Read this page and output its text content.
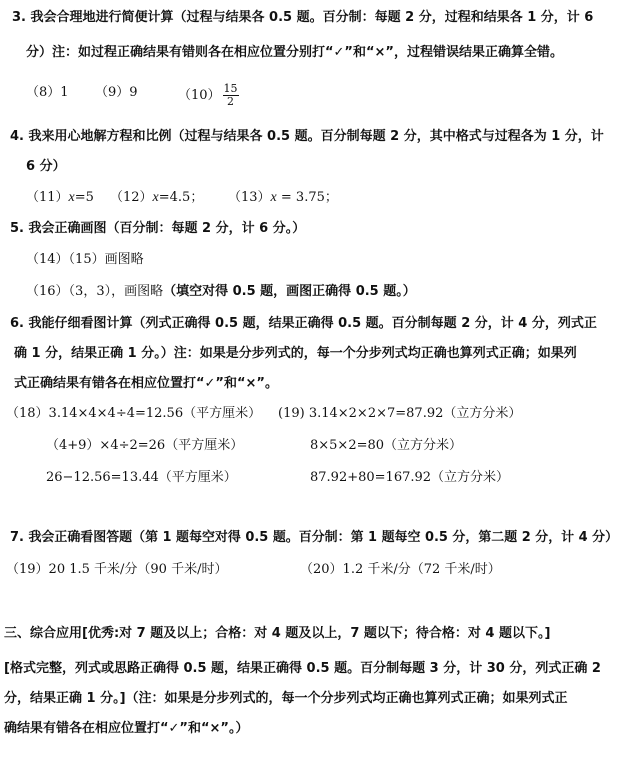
3. 我会合理地进行简便计算（过程与结果各 0.5 题。百分制：每题 2 分，过程和结果各 1 分，计 6
分）注：如过程正确结果有错则各在相应位置分别打“✓”和“×”，过程错误结果正确算全错。
（8）1 （9）9	$(10) \frac{15}{2}$
4. 我来用心地解方程和比例（过程与结果各 0.5 题。百分制每题 2 分，其中格式与过程各为 1 分，计
6 分）
（11）x=5 （12）x=4.5； （13）x = 3.75；
5. 我会正确画图（百分制：每题 2 分，计 6 分。）
（14）（15）画图略
（16）（3，3），画图略（填空对得 0.5 题，画图正确得 0.5 题。）
6. 我能仔细看图计算（列式正确得 0.5 题，结果正确得 0.5 题。百分制每题 2 分，计 4 分，列式正
确 1 分，结果正确 1 分。）注：如果是分步列式的，每一个分步列式均正确也算列式正确；如果列
式正确结果有错各在相应位置打“✓”和“×”。
（18）3.14×4×4÷4=12.56（平方厘米） (19) 3.14×2×2×7=87.92（立方分米）
（4+9）×4÷2=26（平方厘米）	8×5×2=80（立方分米）
26−12.56=13.44（平方厘米）	87.92+80=167.92（立方分米）
7. 我会正确看图答题（第 1 题每空对得 0.5 题。百分制：第 1 题每空 0.5 分，第二题 2 分，计 4 分）
（19）20 1.5 千米/分（90 千米/时）	（20）1.2 千米/分（72 千米/时）
三、综合应用[优秀:对 7 题及以上；合格：对 4 题及以上，7 题以下；待合格：对 4 题以下。]
[格式完整，列式或思路正确得 0.5 题，结果正确得 0.5 题。百分制每题 3 分，计 30 分，列式正确 2
分，结果正确 1 分。]（注：如果是分步列式的，每一个分步列式均正确也算列式正确；如果列式正
确结果有错各在相应位置打“✓”和“×”。）
